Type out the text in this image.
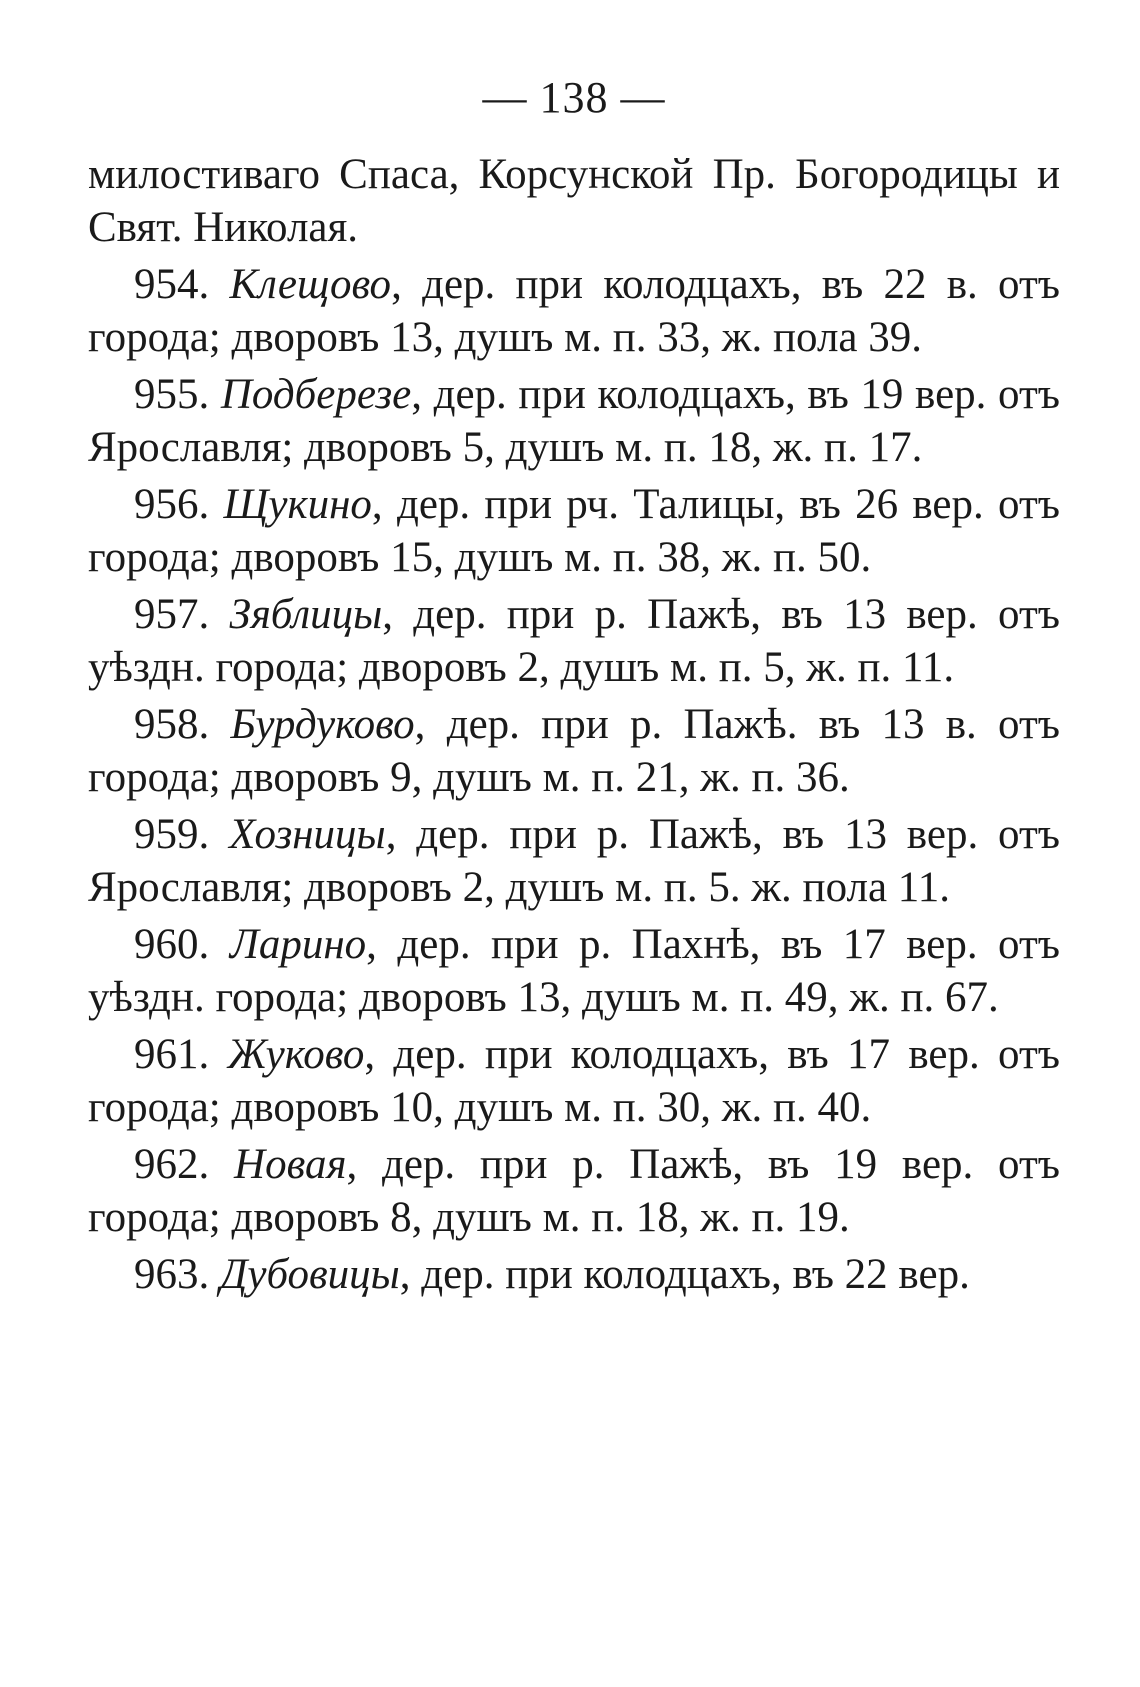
— 138 —

милостиваго Спаса, Корсунской Пр. Богородицы и Свят. Николая.

954. Клещово, дер. при колодцахъ, въ 22 в. отъ города; дворовъ 13, душъ м. п. 33, ж. пола 39.

955. Подберезе, дер. при колодцахъ, въ 19 вер. отъ Ярославля; дворовъ 5, душъ м. п. 18, ж. п. 17.

956. Щукино, дер. при рч. Талицы, въ 26 вер. отъ города; дворовъ 15, душъ м. п. 38, ж. п. 50.

957. Зяблицы, дер. при р. Пажѣ, въ 13 вер. отъ уѣздн. города; дворовъ 2, душъ м. п. 5, ж. п. 11.

958. Бурдуково, дер. при р. Пажѣ. въ 13 в. отъ города; дворовъ 9, душъ м. п. 21, ж. п. 36.

959. Хозницы, дер. при р. Пажѣ, въ 13 вер. отъ Ярославля; дворовъ 2, душъ м. п. 5. ж. пола 11.

960. Ларино, дер. при р. Пахнѣ, въ 17 вер. отъ уѣздн. города; дворовъ 13, душъ м. п. 49, ж. п. 67.

961. Жуково, дер. при колодцахъ, въ 17 вер. отъ города; дворовъ 10, душъ м. п. 30, ж. п. 40.

962. Новая, дер. при р. Пажѣ, въ 19 вер. отъ города; дворовъ 8, душъ м. п. 18, ж. п. 19.

963. Дубовицы, дер. при колодцахъ, въ 22 вер.
